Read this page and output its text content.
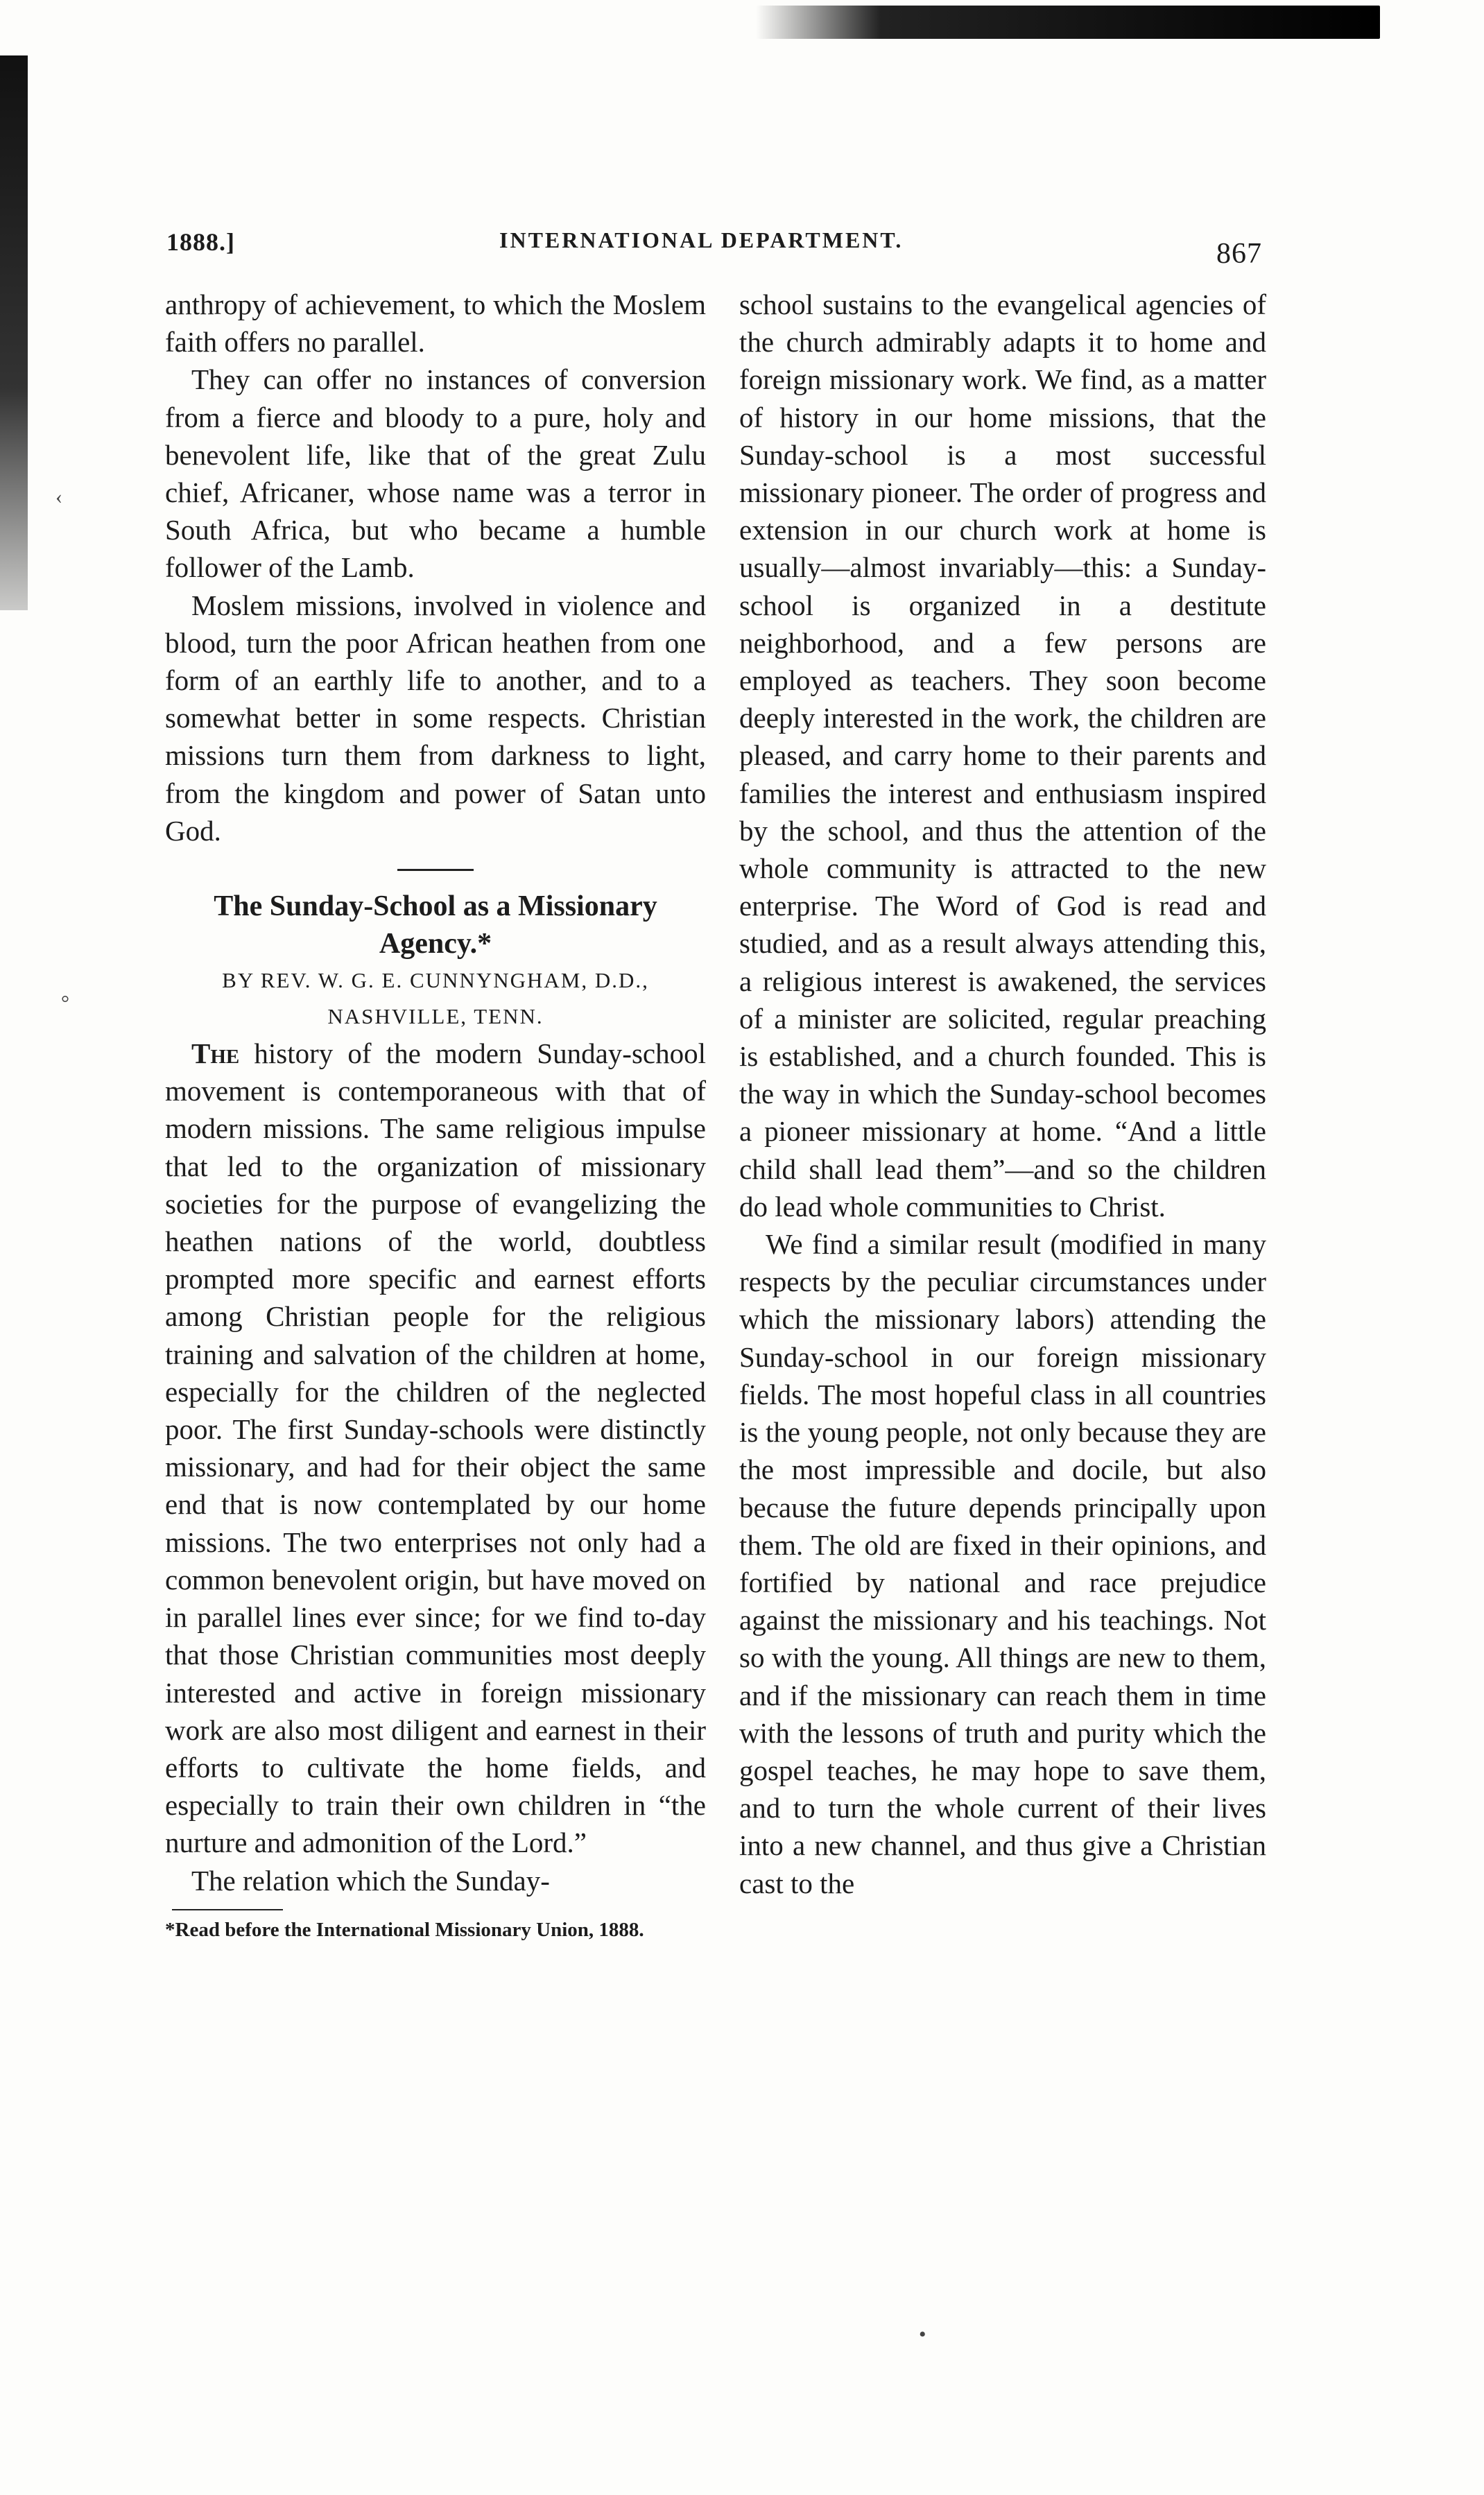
‹
°
•
1888.]	INTERNATIONAL DEPARTMENT.	867

anthropy of achievement, to which the Moslem faith offers no parallel.

They can offer no instances of conversion from a fierce and bloody to a pure, holy and benevolent life, like that of the great Zulu chief, Africaner, whose name was a terror in South Africa, but who became a humble follower of the Lamb.

Moslem missions, involved in violence and blood, turn the poor African heathen from one form of an earthly life to another, and to a somewhat better in some respects. Christian missions turn them from darkness to light, from the kingdom and power of Satan unto God.

The Sunday-School as a Missionary Agency.*

BY REV. W. G. E. CUNNYNGHAM, D.D.,

NASHVILLE, TENN.

The history of the modern Sunday-school movement is contemporaneous with that of modern missions. The same religious impulse that led to the organization of missionary societies for the purpose of evangelizing the heathen nations of the world, doubtless prompted more specific and earnest efforts among Christian people for the religious training and salvation of the children at home, especially for the children of the neglected poor. The first Sunday-schools were distinctly missionary, and had for their object the same end that is now contemplated by our home missions. The two enterprises not only had a common benevolent origin, but have moved on in parallel lines ever since; for we find to-day that those Christian communities most deeply interested and active in foreign missionary work are also most diligent and earnest in their efforts to cultivate the home fields, and especially to train their own children in “the nurture and admonition of the Lord.”

The relation which the Sunday-

*Read before the International Missionary Union, 1888.

school sustains to the evangelical agencies of the church admirably adapts it to home and foreign missionary work. We find, as a matter of history in our home missions, that the Sunday-school is a most successful missionary pioneer. The order of progress and extension in our church work at home is usually—almost invariably—this: a Sunday-school is organized in a destitute neighborhood, and a few persons are employed as teachers. They soon become deeply interested in the work, the children are pleased, and carry home to their parents and families the interest and enthusiasm inspired by the school, and thus the attention of the whole community is attracted to the new enterprise. The Word of God is read and studied, and as a result always attending this, a religious interest is awakened, the services of a minister are solicited, regular preaching is established, and a church founded. This is the way in which the Sunday-school becomes a pioneer missionary at home. “And a little child shall lead them”—and so the children do lead whole communities to Christ.

We find a similar result (modified in many respects by the peculiar circumstances under which the missionary labors) attending the Sunday-school in our foreign missionary fields. The most hopeful class in all countries is the young people, not only because they are the most impressible and docile, but also because the future depends principally upon them. The old are fixed in their opinions, and fortified by national and race prejudice against the missionary and his teachings. Not so with the young. All things are new to them, and if the missionary can reach them in time with the lessons of truth and purity which the gospel teaches, he may hope to save them, and to turn the whole current of their lives into a new channel, and thus give a Christian cast to the
